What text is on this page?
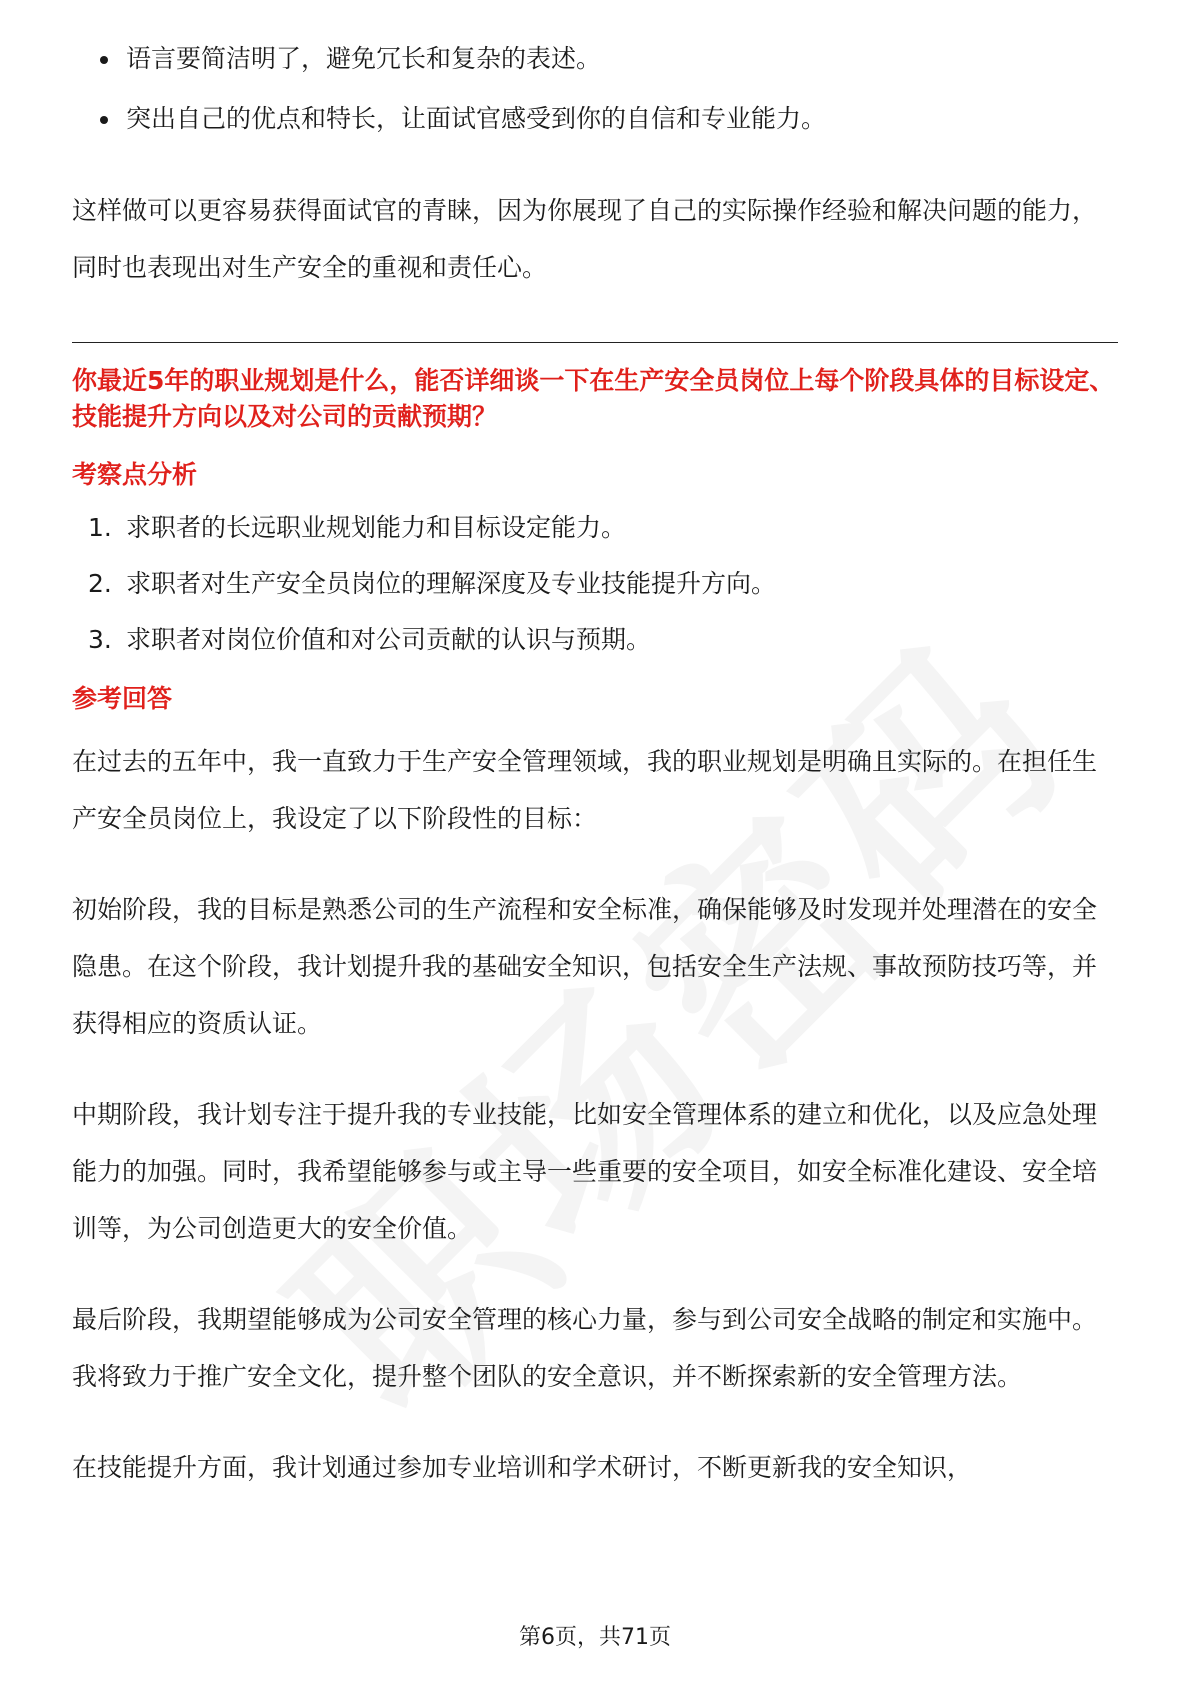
语言要简洁明了，避免冗长和复杂的表述。
突出自己的优点和特长，让面试官感受到你的自信和专业能力。

这样做可以更容易获得面试官的青睐，因为你展现了自己的实际操作经验和解决问题的能力，同时也表现出对生产安全的重视和责任心。

你最近5年的职业规划是什么，能否详细谈一下在生产安全员岗位上每个阶段具体的目标设定、技能提升方向以及对公司的贡献预期？

考察点分析
1. 求职者的长远职业规划能力和目标设定能力。
2. 求职者对生产安全员岗位的理解深度及专业技能提升方向。
3. 求职者对岗位价值和对公司贡献的认识与预期。
参考回答

在过去的五年中，我一直致力于生产安全管理领域，我的职业规划是明确且实际的。在担任生产安全员岗位上，我设定了以下阶段性的目标：

初始阶段，我的目标是熟悉公司的生产流程和安全标准，确保能够及时发现并处理潜在的安全隐患。在这个阶段，我计划提升我的基础安全知识，包括安全生产法规、事故预防技巧等，并获得相应的资质认证。

中期阶段，我计划专注于提升我的专业技能，比如安全管理体系的建立和优化，以及应急处理能力的加强。同时，我希望能够参与或主导一些重要的安全项目，如安全标准化建设、安全培训等，为公司创造更大的安全价值。

最后阶段，我期望能够成为公司安全管理的核心力量，参与到公司安全战略的制定和实施中。我将致力于推广安全文化，提升整个团队的安全意识，并不断探索新的安全管理方法。

在技能提升方面，我计划通过参加专业培训和学术研讨，不断更新我的安全知识，

第6页，共71页
